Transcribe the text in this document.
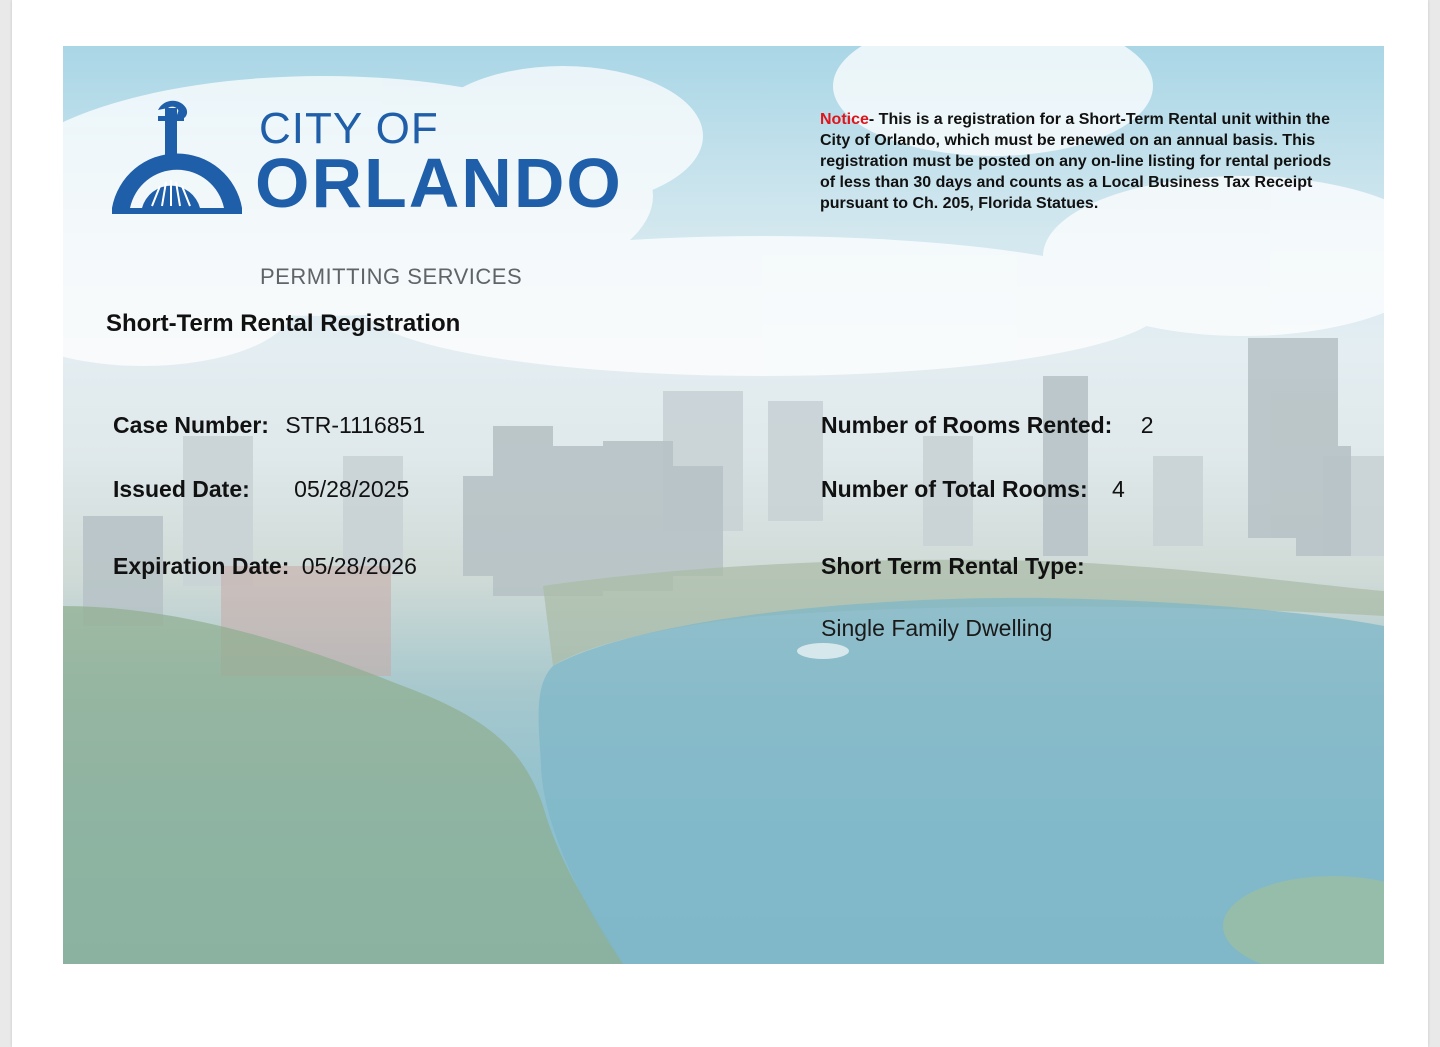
CITY OF
ORLANDO
PERMITTING SERVICES
Notice- This is a registration for a Short-Term Rental unit within the City of Orlando, which must be renewed on an annual basis. This registration must be posted on any on-line listing for rental periods of less than 30 days and counts as a Local Business Tax Receipt pursuant to Ch. 205, Florida Statues.
Short-Term Rental Registration
Case Number: STR-1116851
Issued Date: 05/28/2025
Expiration Date: 05/28/2026
Number of Rooms Rented: 2
Number of Total Rooms: 4
Short Term Rental Type:
Single Family Dwelling
